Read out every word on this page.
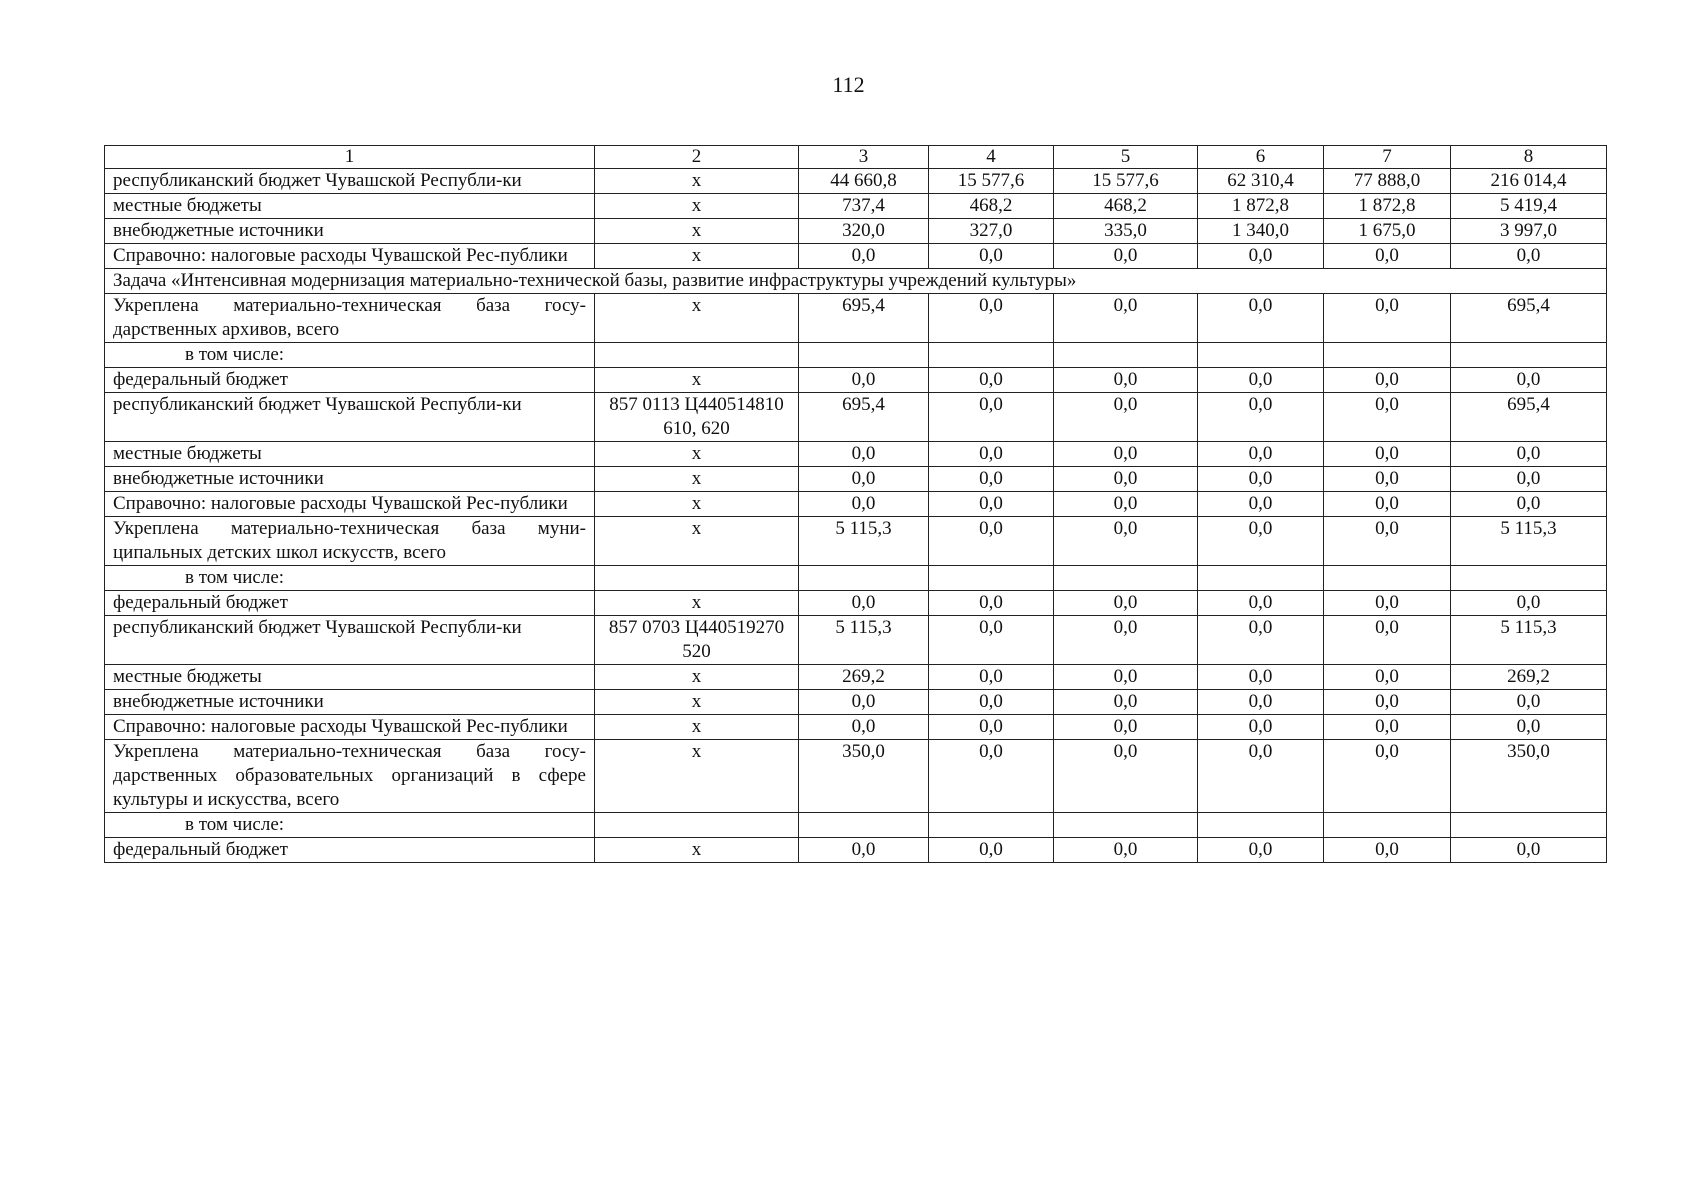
112
1	2	3	4	5	6	7	8
республиканский бюджет Чувашской Республи-ки	x	44 660,8	15 577,6	15 577,6	62 310,4	77 888,0	216 014,4
местные бюджеты	x	737,4	468,2	468,2	1 872,8	1 872,8	5 419,4
внебюджетные источники	x	320,0	327,0	335,0	1 340,0	1 675,0	3 997,0
Справочно: налоговые расходы Чувашской Рес-публики	x	0,0	0,0	0,0	0,0	0,0	0,0
Задача «Интенсивная модернизация материально-технической базы, развитие инфраструктуры учреждений культуры»							
Укреплена материально-техническая база госу-дарственных архивов, всего	x	695,4	0,0	0,0	0,0	0,0	695,4
в том числе:							
федеральный бюджет	x	0,0	0,0	0,0	0,0	0,0	0,0
республиканский бюджет Чувашской Республи-ки	857 0113 Ц440514810 610, 620	695,4	0,0	0,0	0,0	0,0	695,4
местные бюджеты	x	0,0	0,0	0,0	0,0	0,0	0,0
внебюджетные источники	x	0,0	0,0	0,0	0,0	0,0	0,0
Справочно: налоговые расходы Чувашской Рес-публики	x	0,0	0,0	0,0	0,0	0,0	0,0
Укреплена материально-техническая база муни-ципальных детских школ искусств, всего	x	5 115,3	0,0	0,0	0,0	0,0	5 115,3
в том числе:							
федеральный бюджет	x	0,0	0,0	0,0	0,0	0,0	0,0
республиканский бюджет Чувашской Республи-ки	857 0703 Ц440519270 520	5 115,3	0,0	0,0	0,0	0,0	5 115,3
местные бюджеты	x	269,2	0,0	0,0	0,0	0,0	269,2
внебюджетные источники	x	0,0	0,0	0,0	0,0	0,0	0,0
Справочно: налоговые расходы Чувашской Рес-публики	x	0,0	0,0	0,0	0,0	0,0	0,0
Укреплена материально-техническая база госу-дарственных образовательных организаций в сфере культуры и искусства, всего	x	350,0	0,0	0,0	0,0	0,0	350,0
в том числе:							
федеральный бюджет	x	0,0	0,0	0,0	0,0	0,0	0,0
